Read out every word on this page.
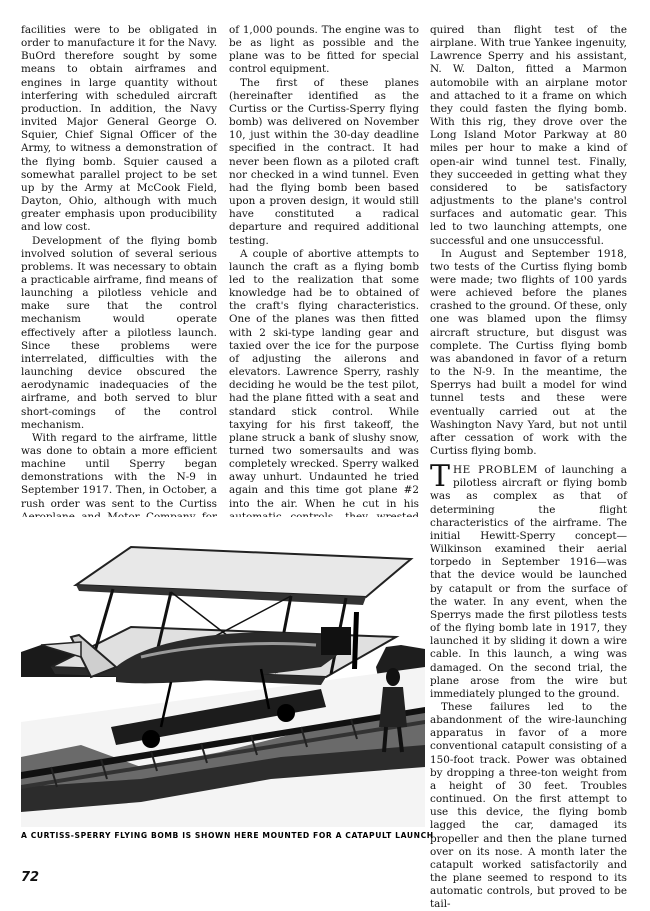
facilities were to be obligated in order to manufacture it for the Navy. BuOrd therefore sought by some means to obtain airframes and engines in large quantity without interfering with scheduled aircraft production. In addition, the Navy invited Major General George O. Squier, Chief Signal Officer of the Army, to witness a demonstration of the flying bomb. Squier caused a somewhat parallel project to be set up by the Army at McCook Field, Dayton, Ohio, although with much greater emphasis upon producibility and low cost.

Development of the flying bomb involved solution of several serious problems. It was necessary to obtain a practicable airframe, find means of launching a pilotless vehicle and make sure that the control mechanism would operate effectively after a pilotless launch. Since these problems were interrelated, difficulties with the launching device obscured the aerodynamic inadequacies of the airframe, and both served to blur short-comings of the control mechanism.

With regard to the airframe, little was done to obtain a more efficient machine until Sperry began demonstrations with the N-9 in September 1917. Then, in October, a rush order was sent to the Curtiss

of 1,000 pounds. The engine was to be as light as possible and the plane was to be fitted for special control equipment.

The first of these planes (hereinafter identified as the Curtiss or the Curtiss-Sperry flying bomb) was delivered on November 10, just within the 30-day deadline specified in the contract. It had never been flown as a piloted craft nor checked in a wind tunnel. Even had the flying bomb been based upon a proven design, it would still have constituted a radical departure and required additional testing.

A couple of abortive attempts to launch the craft as a flying bomb led to the realization that some knowledge had be to obtained of the craft's flying characteristics. One of the planes was then fitted with 2 ski-type landing gear and taxied over the ice for the purpose of adjusting the ailerons and elevators. Lawrence Sperry, rashly deciding he would be the test pilot, had the plane fitted with a seat and standard stick control. While taxying for his first takeoff, the plane struck a bank of slushy snow, turned two somersaults and was completely wrecked. Sperry walked away unhurt. Undaunted he tried again and this time got plane #2 into the air. When he cut in his

quired than flight test of the airplane. With true Yankee ingenuity, Lawrence Sperry and his assistant, N. W. Dalton, fitted a Marmon automobile with an airplane motor and attached to it a frame on which they could fasten the flying bomb. With this rig, they drove over the Long Island Motor Parkway at 80 miles per hour to make a kind of open-air wind tunnel test. Finally, they succeeded in getting what they considered to be satisfactory adjustments to the plane's control surfaces and automatic gear. This led to two launching attempts, one successful and one unsuccessful.

In August and September 1918, two tests of the Curtiss flying bomb were made; two flights of 100 yards were achieved before the planes crashed to the ground. Of these, only one was blamed upon the flimsy aircraft structure, but disgust was complete. The Curtiss flying bomb was abandoned in favor of a return to the N-9. In the meantime, the Sperrys had built a model for wind tunnel tests and these were eventually carried out at the Washington Navy Yard, but not until after cessation of work with the Curtiss flying bomb.

THE PROBLEM of launching a pilotless aircraft or flying bomb was as complex as that of determining the flight characteristics of the airframe. The initial Hewitt-Sperry concept—Wilkinson examined their aerial torpedo in September 1916—was that the device would be launched by catapult or from the surface of the water. In any event, when the Sperrys made the first pilotless tests of the flying bomb late in 1917, they launched it by sliding it down a wire cable. In this launch, a wing was damaged. On the second trial, the plane arose from the wire but immediately plunged to the ground.

These failures led to the abandonment of the wire-launching apparatus in favor of a more conventional catapult consisting of a 150-foot track. Power was obtained by dropping a three-ton weight from a height of 30 feet. Troubles continued. On the first attempt to use this device, the flying bomb lagged the car, damaged its propeller and then the plane turned over on its nose. A month later the catapult worked satisfactorily and the plane seemed to respond to its automatic controls, but proved to be tail-

A CURTISS-SPERRY FLYING BOMB IS SHOWN HERE MOUNTED FOR A CATAPULT LAUNCH
72
